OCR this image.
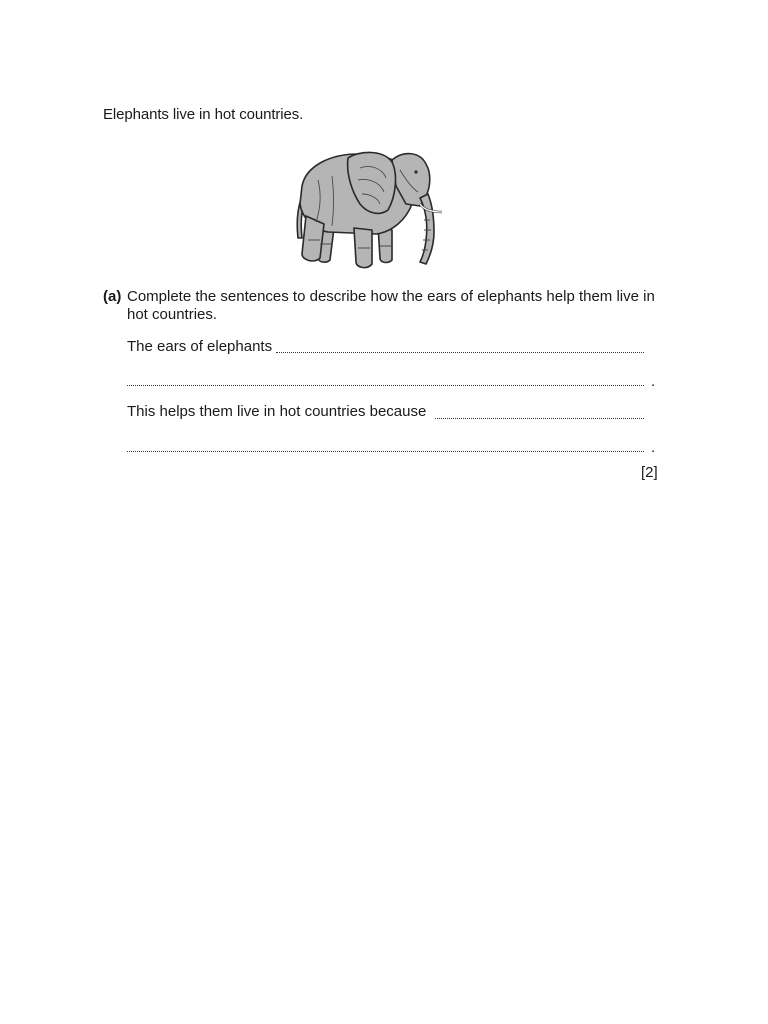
Elephants live in hot countries.
(a) Complete the sentences to describe how the ears of elephants help them live in hot countries.
The ears of elephants
.
This helps them live in hot countries because
.
[2]
